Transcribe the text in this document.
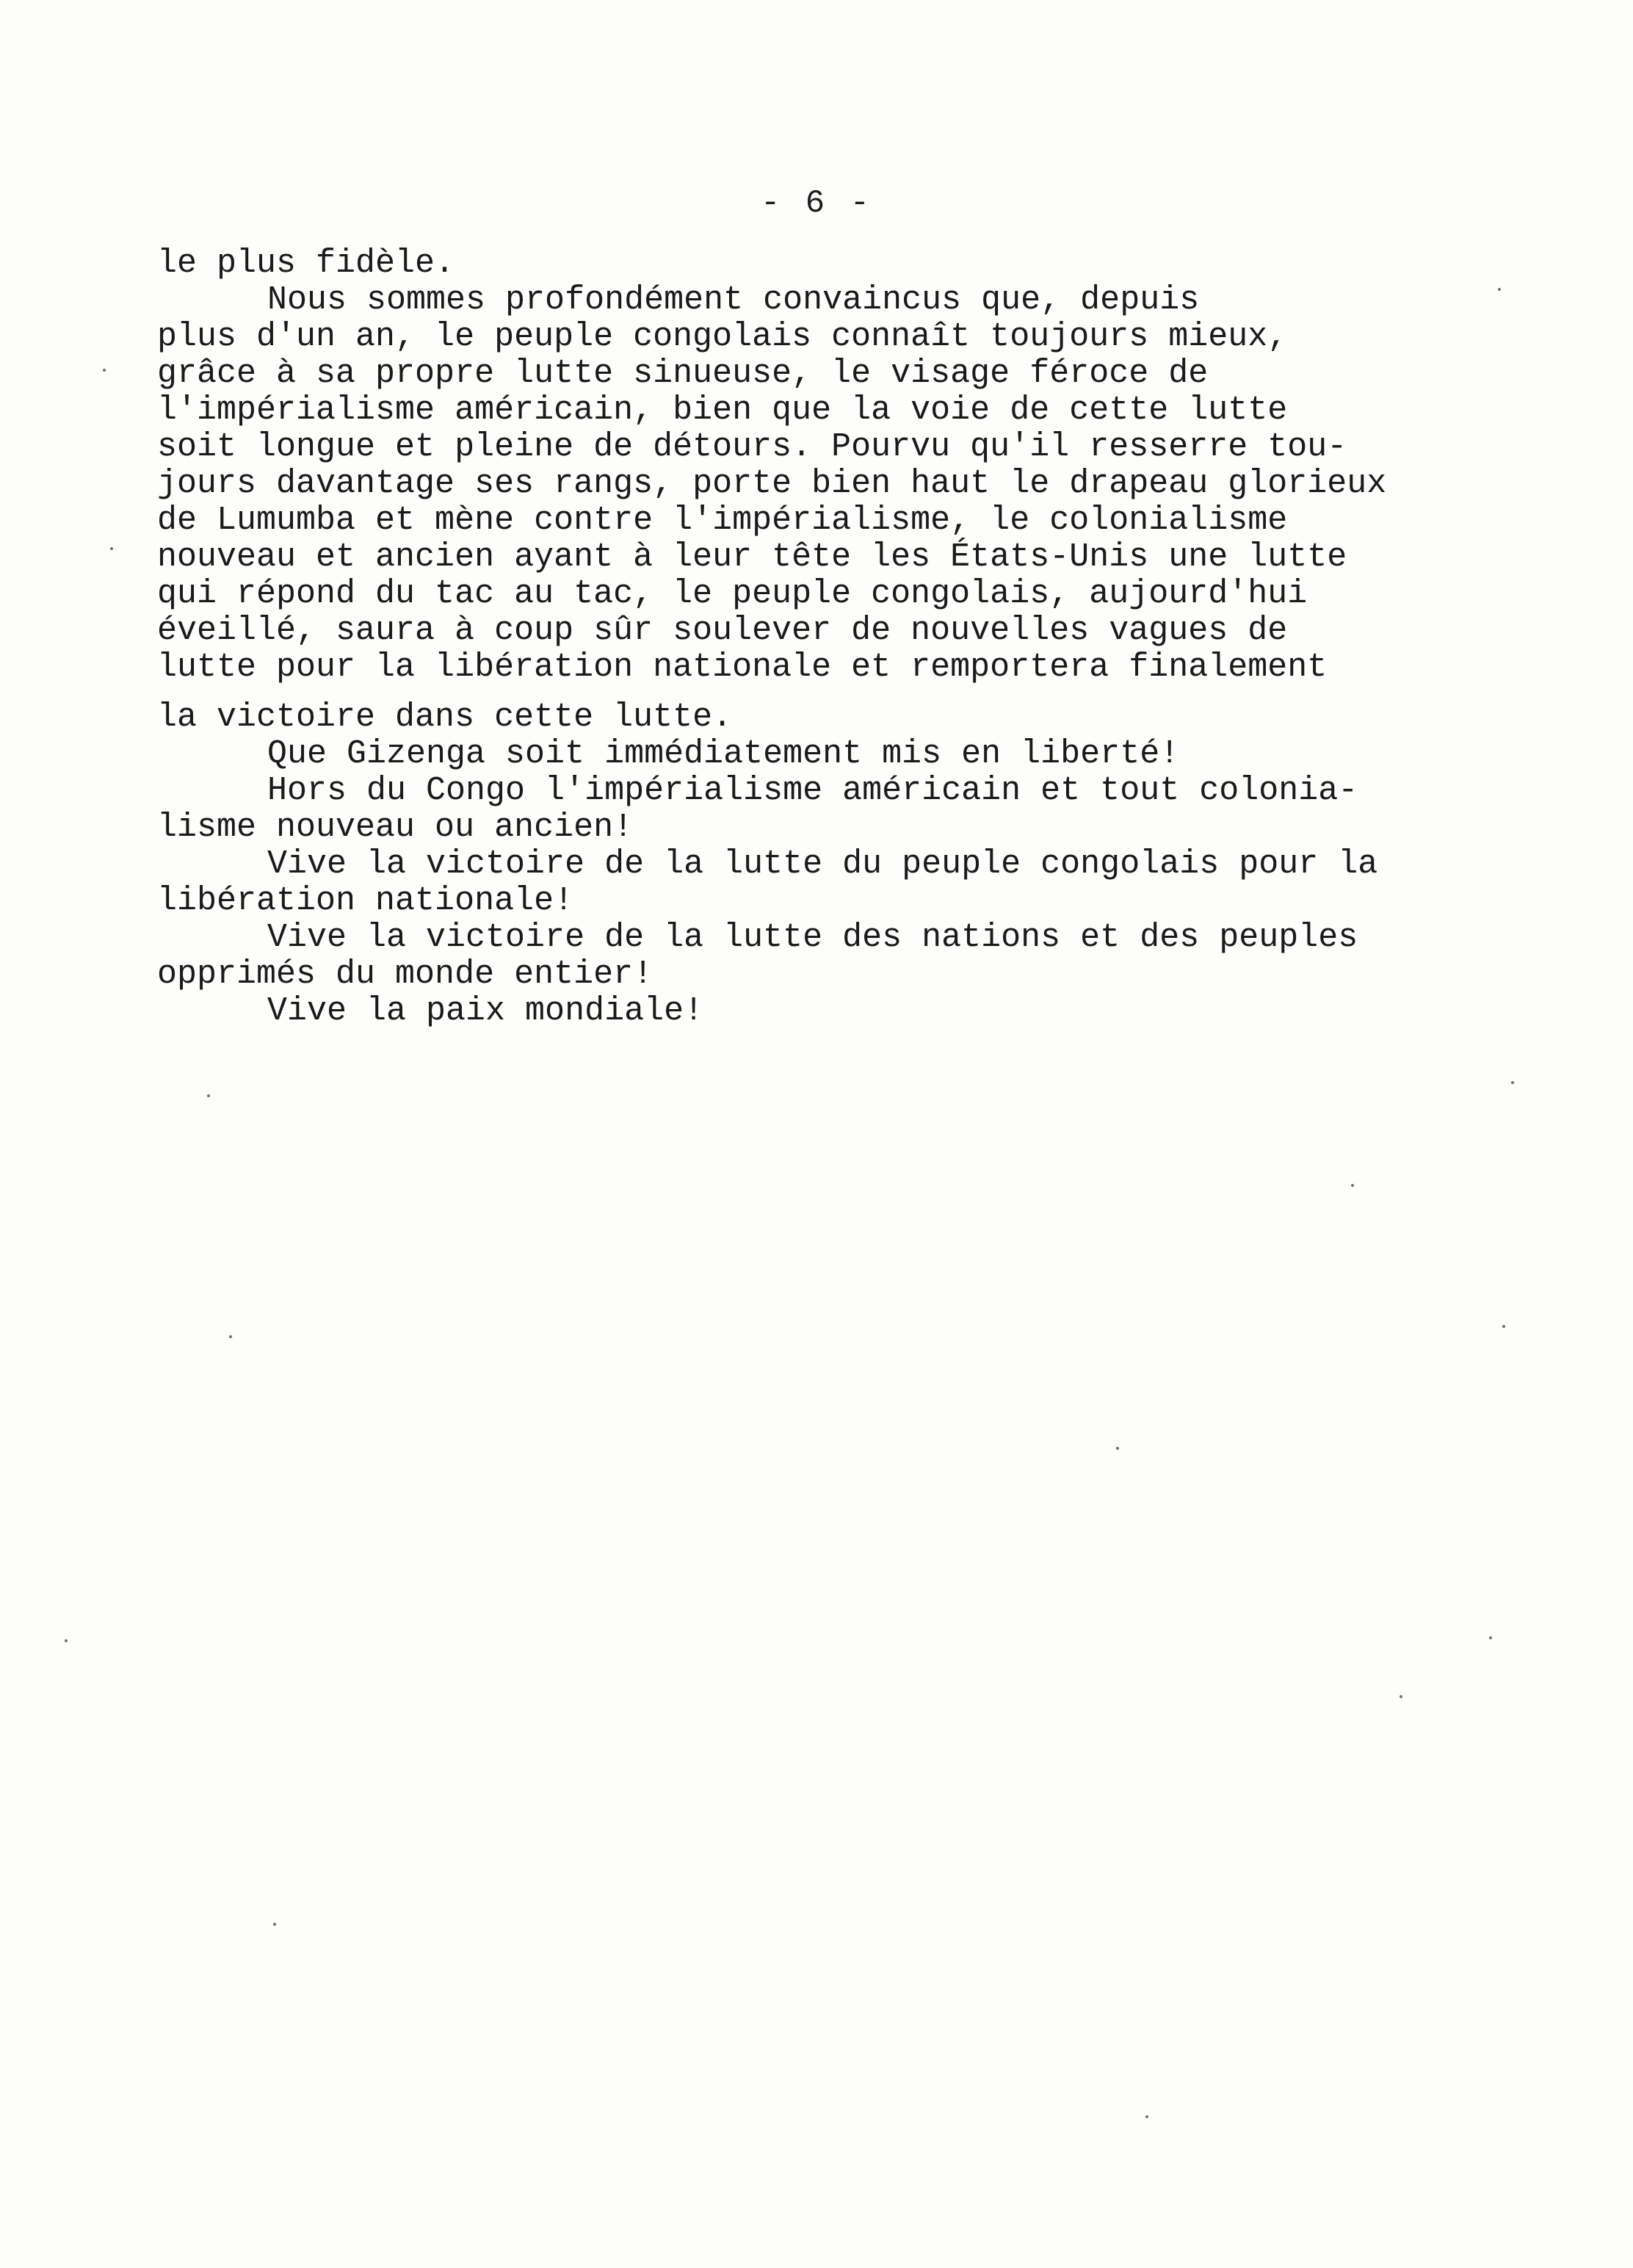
- 6 -
le plus fidèle.
Nous sommes profondément convaincus que, depuis
plus d'un an, le peuple congolais connaît toujours mieux,
grâce à sa propre lutte sinueuse, le visage féroce de
l'impérialisme américain, bien que la voie de cette lutte
soit longue et pleine de détours. Pourvu qu'il resserre tou-
jours davantage ses rangs, porte bien haut le drapeau glorieux
de Lumumba et mène contre l'impérialisme, le colonialisme
nouveau et ancien ayant à leur tête les États-Unis une lutte
qui répond du tac au tac, le peuple congolais, aujourd'hui
éveillé, saura à coup sûr soulever de nouvelles vagues de
lutte pour la libération nationale et remportera finalement
la victoire dans cette lutte.
Que Gizenga soit immédiatement mis en liberté!
Hors du Congo l'impérialisme américain et tout colonia-
lisme nouveau ou ancien!
Vive la victoire de la lutte du peuple congolais pour la
libération nationale!
Vive la victoire de la lutte des nations et des peuples
opprimés du monde entier!
Vive la paix mondiale!
